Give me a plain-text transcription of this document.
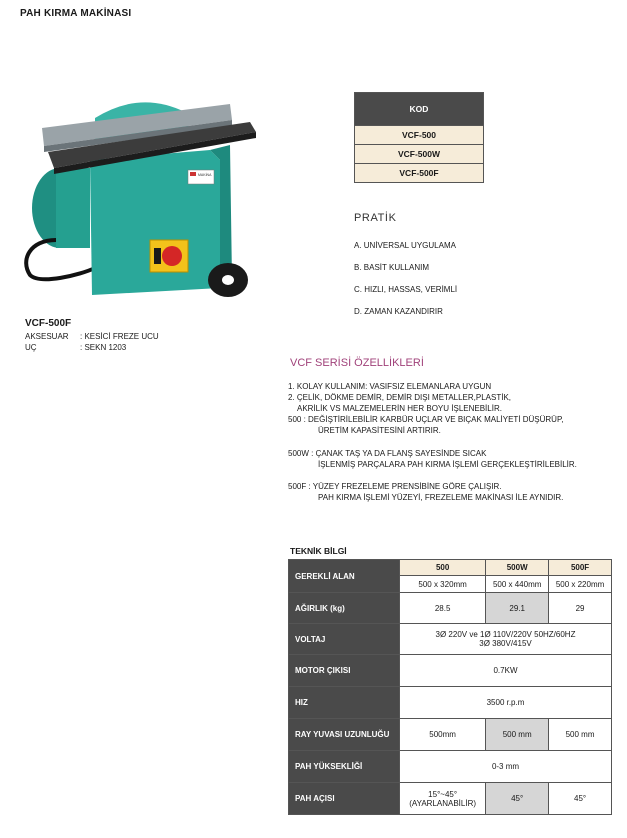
PAH KIRMA MAKİNASI
MAKİNA
VCF-500F
AKSESUAR : KESİCİ FREZE UCU
UÇ	: SEKN 1203
KOD
VCF-500
VCF-500W
VCF-500F
PRATİK
A. UNİVERSAL UYGULAMA
B. BASİT KULLANIM
C. HIZLI, HASSAS, VERİMLİ
D. ZAMAN KAZANDIRIR
VCF SERİSİ ÖZELLİKLERİ
1. KOLAY KULLANIM: VASIFSIZ ELEMANLARA UYGUN
2. ÇELİK, DÖKME DEMİR, DEMİR DIŞI METALLER,PLASTİK,
AKRİLİK VS MALZEMELERİN HER BOYU İŞLENEBİLİR.
500 : DEĞİŞTİRİLEBİLİR KARBÜR UÇLAR VE BIÇAK MALİYETİ DÜŞÜRÜP,
ÜRETİM KAPASİTESİNİ ARTIRIR.
500W : ÇANAK TAŞ YA DA FLANŞ SAYESİNDE SICAK
İŞLENMİŞ PARÇALARA PAH KIRMA İŞLEMİ GERÇEKLEŞTİRİLEBİLİR.
500F : YÜZEY FREZELEME PRENSİBİNE GÖRE ÇALIŞIR.
PAH KIRMA İŞLEMİ YÜZEYİ, FREZELEME MAKİNASI İLE AYNIDIR.
TEKNİK BİLGİ
GEREKLİ ALAN	500	500W	500F
	500 x 320mm	500 x 440mm	500 x 220mm
AĞIRLIK (kg)	28.5	29.1	29
VOLTAJ	3Ø 220V ve 1Ø 110V/220V 50HZ/60HZ
3Ø 380V/415V		

MOTOR ÇIKISI	0.7KW		
HIZ	3500 r.p.m		
RAY YUVASI UZUNLUĞU	500mm	500 mm	500 mm
PAH YÜKSEKLİĞİ	0-3 mm		
PAH AÇISI	15°~45°
(AYARLANABİLİR)	45°	45°
